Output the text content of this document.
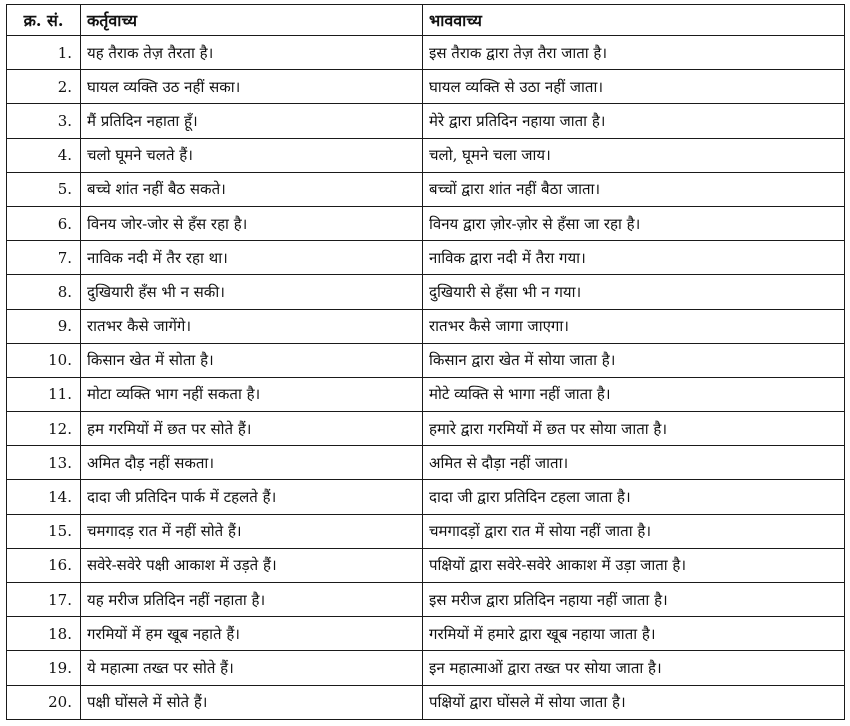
क्र. सं.	कर्तृवाच्य	भाववाच्य
1.	यह तैराक तेज़ तैरता है।	इस तैराक द्वारा तेज़ तैरा जाता है।
2.	घायल व्यक्ति उठ नहीं सका।	घायल व्यक्ति से उठा नहीं जाता।
3.	मैं प्रतिदिन नहाता हूँ।	मेरे द्वारा प्रतिदिन नहाया जाता है।
4.	चलो घूमने चलते हैं।	चलो, घूमने चला जाय।
5.	बच्चे शांत नहीं बैठ सकते।	बच्चों द्वारा शांत नहीं बैठा जाता।
6.	विनय जोर-जोर से हँस रहा है।	विनय द्वारा ज़ोर-ज़ोर से हँसा जा रहा है।
7.	नाविक नदी में तैर रहा था।	नाविक द्वारा नदी में तैरा गया।
8.	दुखियारी हँस भी न सकी।	दुखियारी से हँसा भी न गया।
9.	रातभर कैसे जागेंगे।	रातभर कैसे जागा जाएगा।
10.	किसान खेत में सोता है।	किसान द्वारा खेत में सोया जाता है।
11.	मोटा व्यक्ति भाग नहीं सकता है।	मोटे व्यक्ति से भागा नहीं जाता है।
12.	हम गरमियों में छत पर सोते हैं।	हमारे द्वारा गरमियों में छत पर सोया जाता है।
13.	अमित दौड़ नहीं सकता।	अमित से दौड़ा नहीं जाता।
14.	दादा जी प्रतिदिन पार्क में टहलते हैं।	दादा जी द्वारा प्रतिदिन टहला जाता है।
15.	चमगादड़ रात में नहीं सोते हैं।	चमगादड़ों द्वारा रात में सोया नहीं जाता है।
16.	सवेरे-सवेरे पक्षी आकाश में उड़ते हैं।	पक्षियों द्वारा सवेरे-सवेरे आकाश में उड़ा जाता है।
17.	यह मरीज प्रतिदिन नहीं नहाता है।	इस मरीज द्वारा प्रतिदिन नहाया नहीं जाता है।
18.	गरमियों में हम खूब नहाते हैं।	गरमियों में हमारे द्वारा खूब नहाया जाता है।
19.	ये महात्मा तख्त पर सोते हैं।	इन महात्माओं द्वारा तख्त पर सोया जाता है।
20.	पक्षी घोंसले में सोते हैं।	पक्षियों द्वारा घोंसले में सोया जाता है।
